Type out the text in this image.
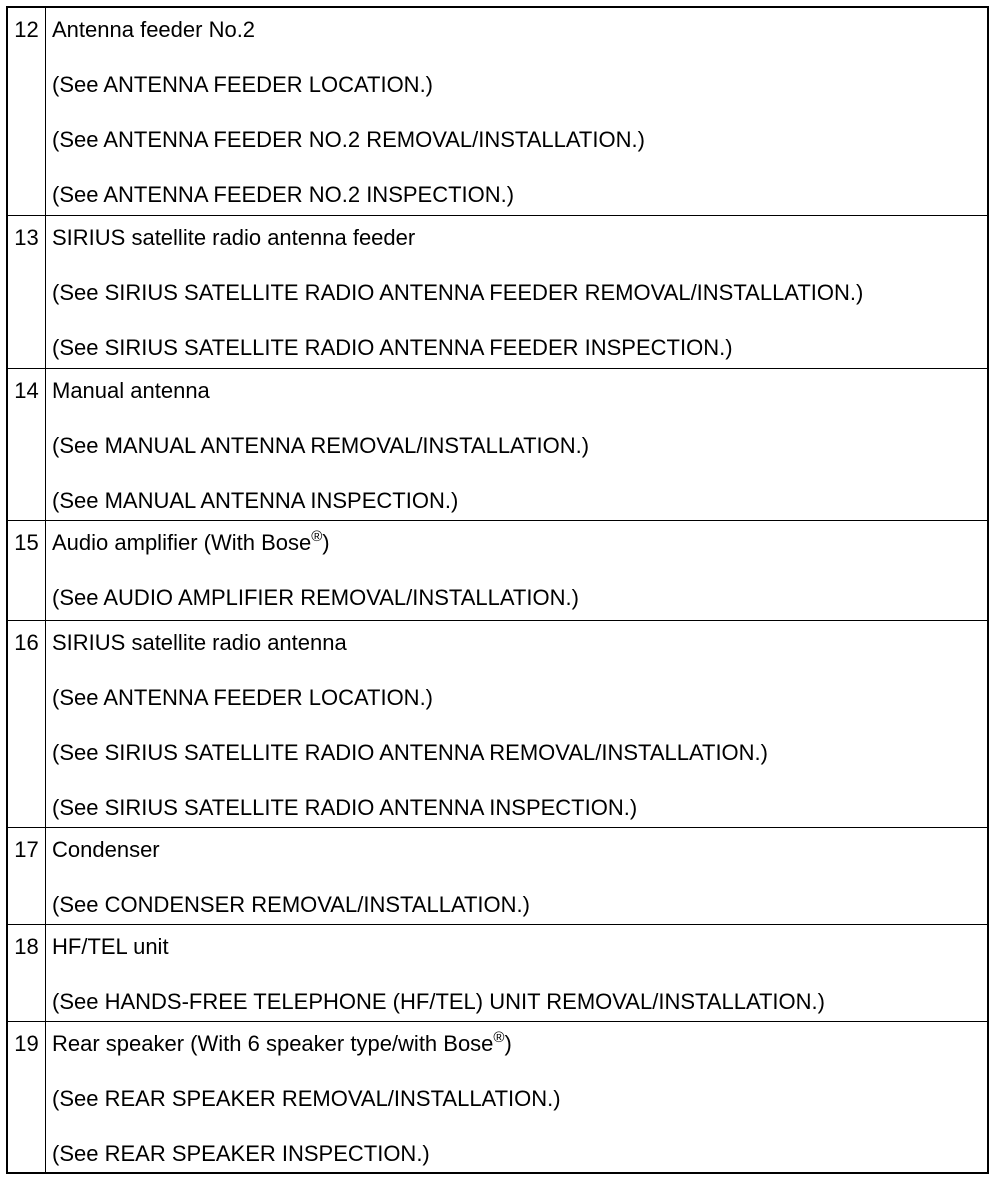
12 Antenna feeder No.2
(See ANTENNA FEEDER LOCATION.)
(See ANTENNA FEEDER NO.2 REMOVAL/INSTALLATION.)
(See ANTENNA FEEDER NO.2 INSPECTION.)
13 SIRIUS satellite radio antenna feeder
(See SIRIUS SATELLITE RADIO ANTENNA FEEDER REMOVAL/INSTALLATION.)
(See SIRIUS SATELLITE RADIO ANTENNA FEEDER INSPECTION.)
14 Manual antenna
(See MANUAL ANTENNA REMOVAL/INSTALLATION.)
(See MANUAL ANTENNA INSPECTION.)
15 Audio amplifier (With Bose®)
(See AUDIO AMPLIFIER REMOVAL/INSTALLATION.)
16 SIRIUS satellite radio antenna
(See ANTENNA FEEDER LOCATION.)
(See SIRIUS SATELLITE RADIO ANTENNA REMOVAL/INSTALLATION.)
(See SIRIUS SATELLITE RADIO ANTENNA INSPECTION.)
17 Condenser
(See CONDENSER REMOVAL/INSTALLATION.)
18 HF/TEL unit
(See HANDS-FREE TELEPHONE (HF/TEL) UNIT REMOVAL/INSTALLATION.)
19 Rear speaker (With 6 speaker type/with Bose®)
(See REAR SPEAKER REMOVAL/INSTALLATION.)
(See REAR SPEAKER INSPECTION.)
